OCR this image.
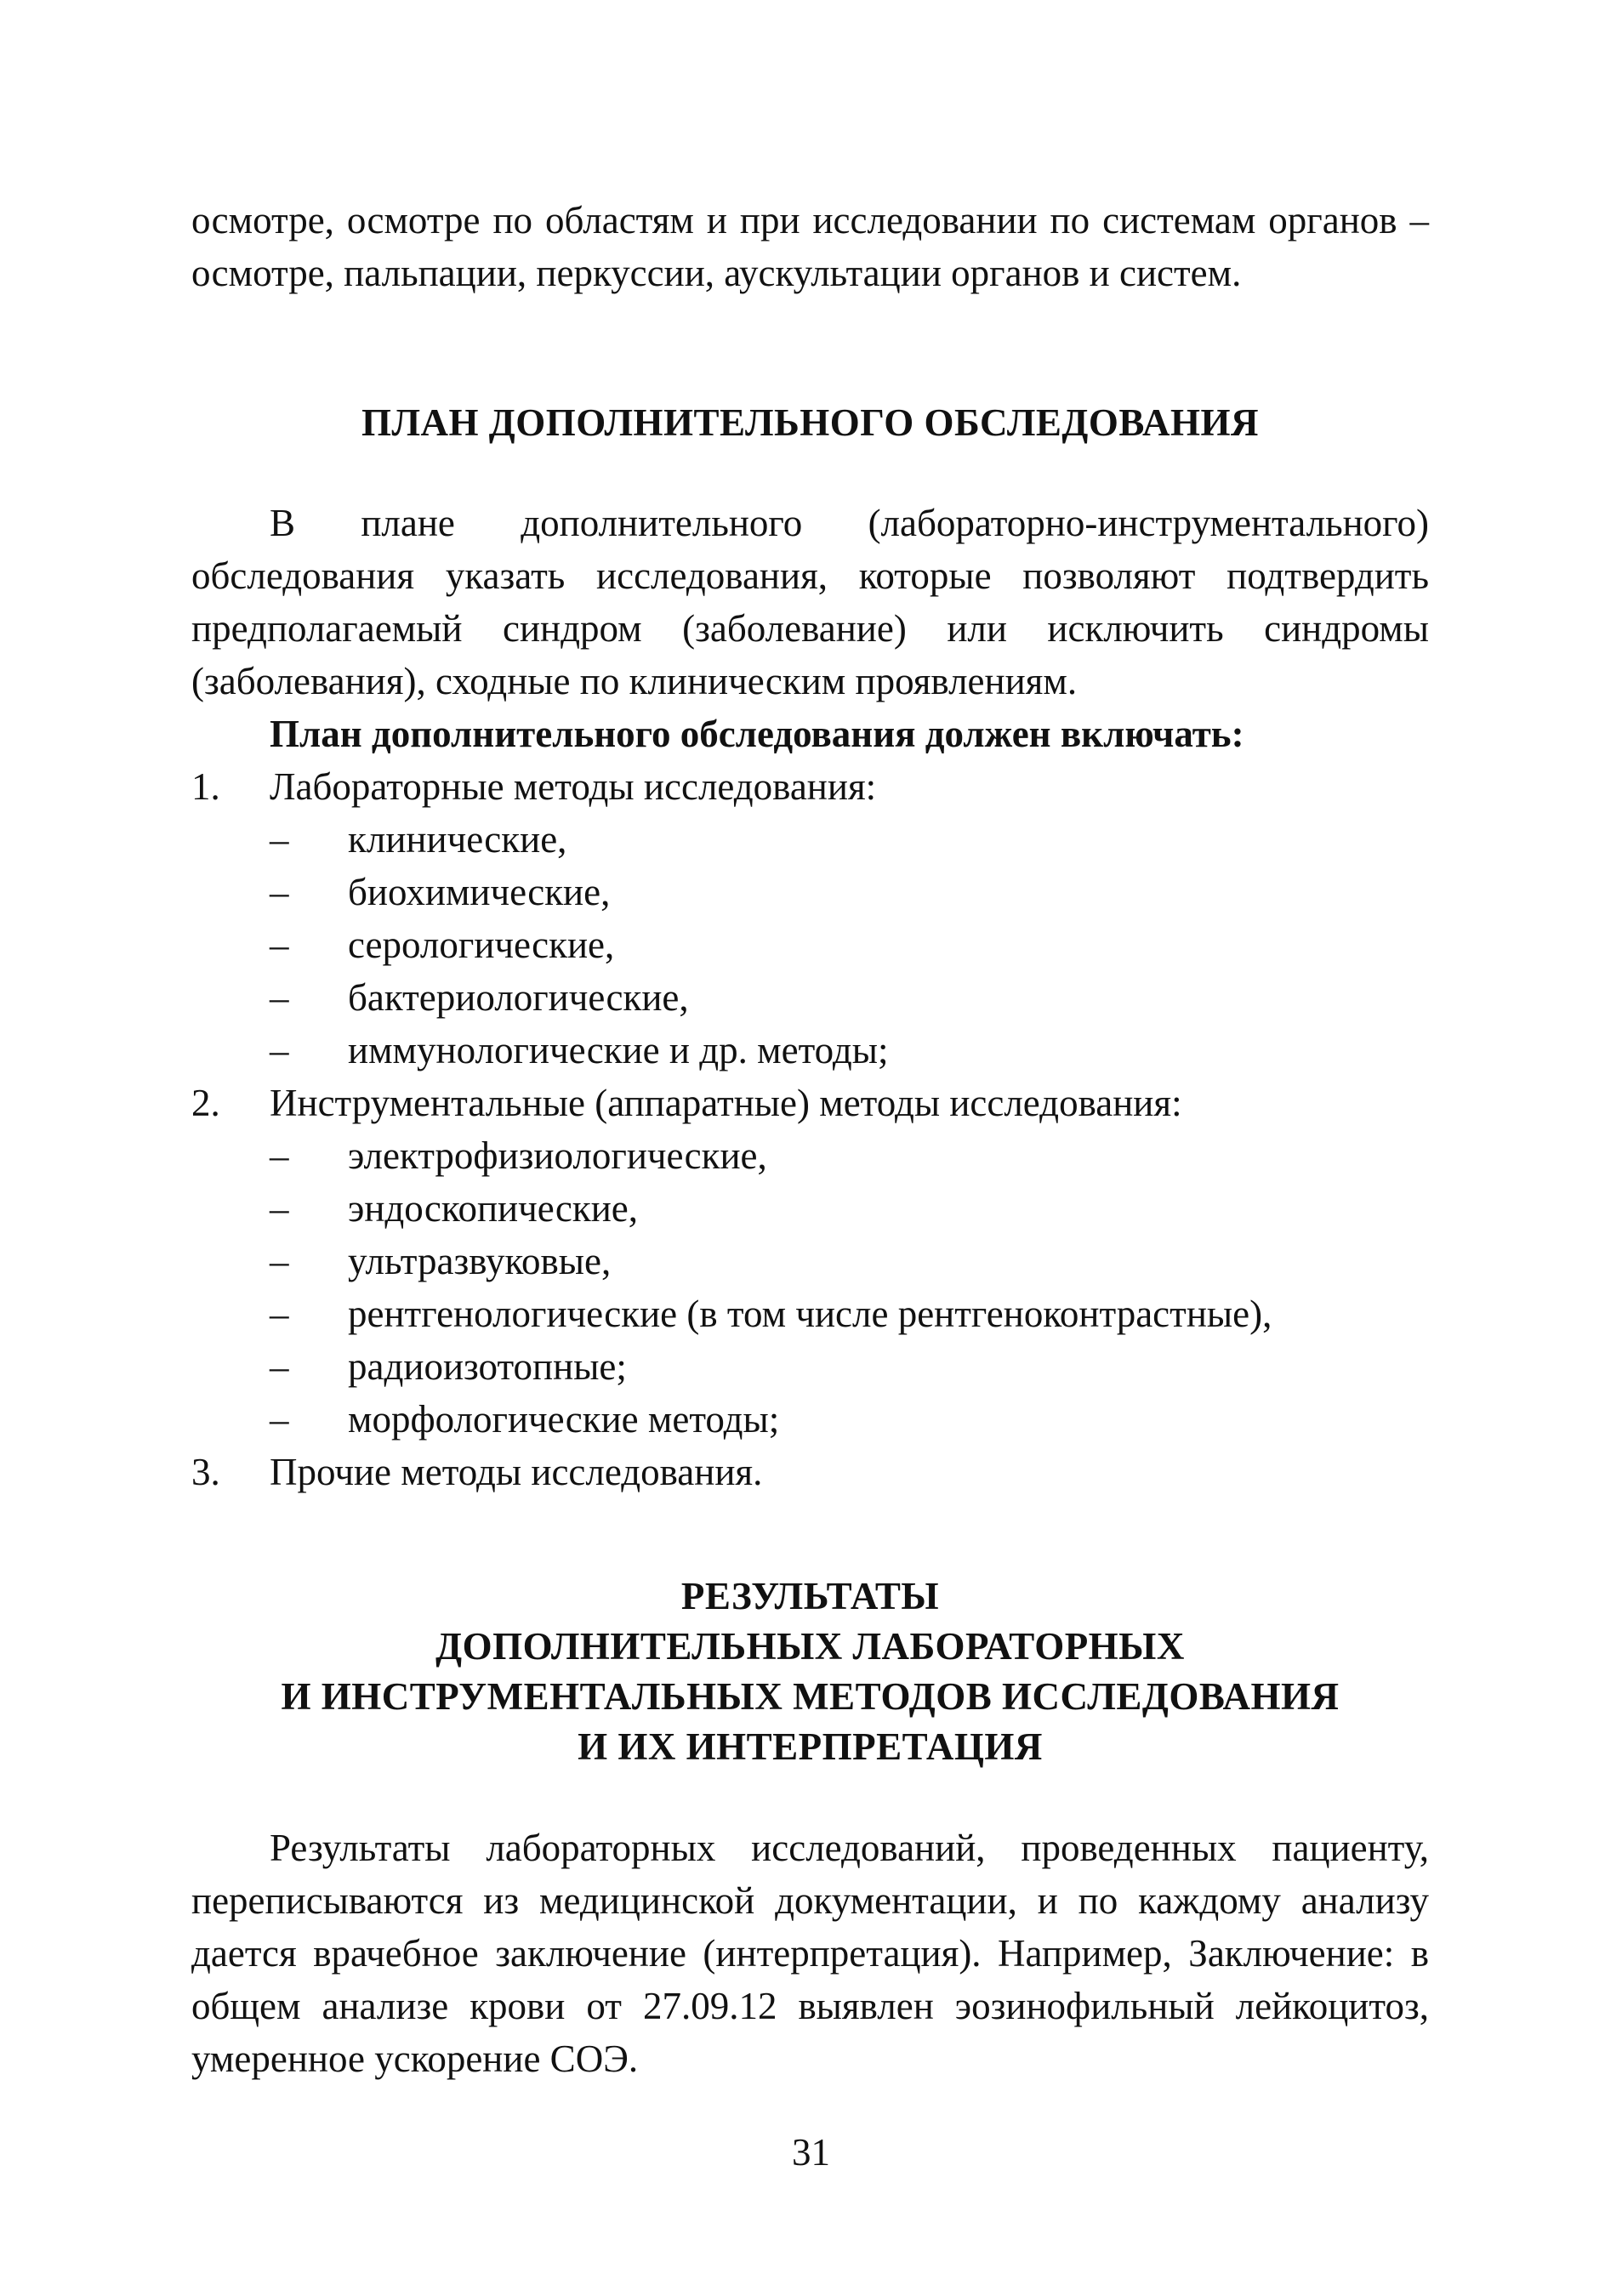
осмотре, осмотре по областям и при исследовании по системам органов – осмотре, пальпации, перкуссии, аускультации органов и систем.

ПЛАН ДОПОЛНИТЕЛЬНОГО ОБСЛЕДОВАНИЯ

В плане дополнительного (лабораторно-инструментального) обследования указать исследования, которые позволяют подтвердить предполагаемый синдром (заболевание) или исключить синдромы (заболевания), сходные по клиническим проявлениям.

План дополнительного обследования должен включать:
1. Лабораторные методы исследования:
– клинические,
– биохимические,
– серологические,
– бактериологические,
– иммунологические и др. методы;
2. Инструментальные (аппаратные) методы исследования:
– электрофизиологические,
– эндоскопические,
– ультразвуковые,
– рентгенологические (в том числе рентгеноконтрастные),
– радиоизотопные;
– морфологические методы;
3. Прочие методы исследования.
РЕЗУЛЬТАТЫ
ДОПОЛНИТЕЛЬНЫХ ЛАБОРАТОРНЫХ
И ИНСТРУМЕНТАЛЬНЫХ МЕТОДОВ ИССЛЕДОВАНИЯ
И ИХ ИНТЕРПРЕТАЦИЯ

Результаты лабораторных исследований, проведенных пациенту, переписываются из медицинской документации, и по каждому анализу дается врачебное заключение (интерпретация). Например, Заключение: в общем анализе крови от 27.09.12 выявлен эозинофильный лейкоцитоз, умеренное ускорение СОЭ.

31
